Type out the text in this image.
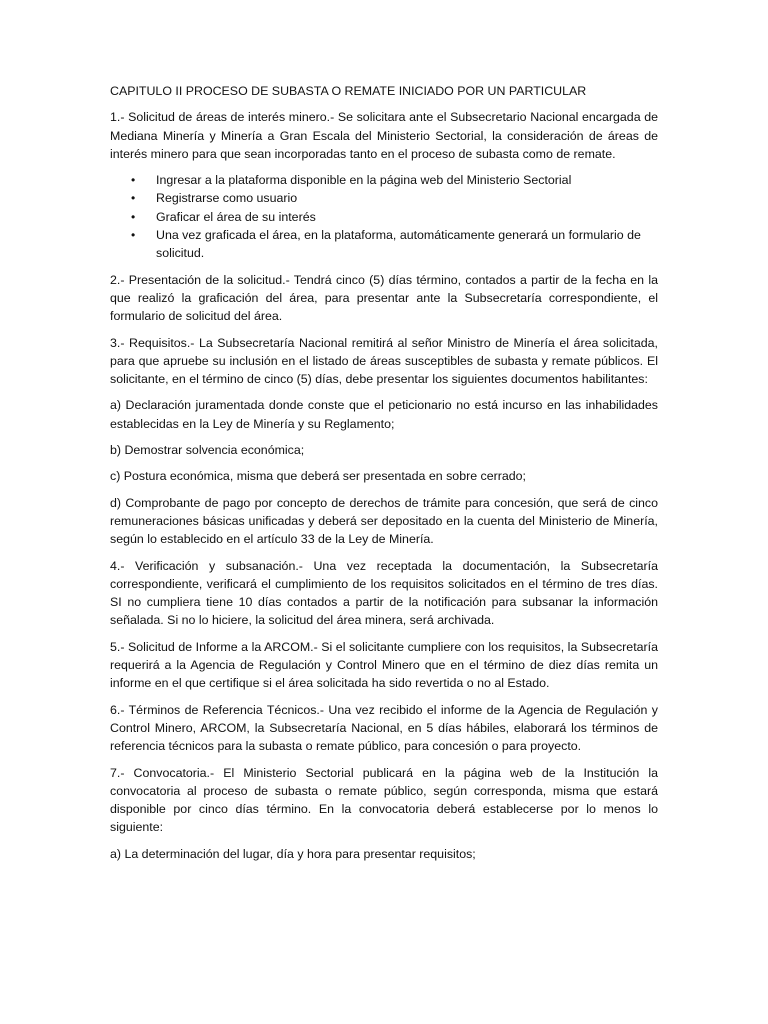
CAPITULO II PROCESO DE SUBASTA O REMATE INICIADO POR UN PARTICULAR

1.- Solicitud de áreas de interés minero.- Se solicitara ante el Subsecretario Nacional encargada de Mediana Minería y Minería a Gran Escala del Ministerio Sectorial, la consideración de áreas de interés minero para que sean incorporadas tanto en el proceso de subasta como de remate.

• Ingresar a la plataforma disponible en la página web del Ministerio Sectorial
• Registrarse como usuario
• Graficar el área de su interés
• Una vez graficada el área, en la plataforma, automáticamente generará un formulario de solicitud.

2.- Presentación de la solicitud.- Tendrá cinco (5) días término, contados a partir de la fecha en la que realizó la graficación del área, para presentar ante la Subsecretaría correspondiente, el formulario de solicitud del área.

3.- Requisitos.- La Subsecretaría Nacional remitirá al señor Ministro de Minería el área solicitada, para que apruebe su inclusión en el listado de áreas susceptibles de subasta y remate públicos. El solicitante, en el término de cinco (5) días, debe presentar los siguientes documentos habilitantes:

a) Declaración juramentada donde conste que el peticionario no está incurso en las inhabilidades establecidas en la Ley de Minería y su Reglamento;

b) Demostrar solvencia económica;

c) Postura económica, misma que deberá ser presentada en sobre cerrado;

d) Comprobante de pago por concepto de derechos de trámite para concesión, que será de cinco remuneraciones básicas unificadas y deberá ser depositado en la cuenta del Ministerio de Minería, según lo establecido en el artículo 33 de la Ley de Minería.

4.- Verificación y subsanación.- Una vez receptada la documentación, la Subsecretaría correspondiente, verificará el cumplimiento de los requisitos solicitados en el término de tres días. SI no cumpliera tiene 10 días contados a partir de la notificación para subsanar la información señalada. Si no lo hiciere, la solicitud del área minera, será archivada.

5.- Solicitud de Informe a la ARCOM.- Si el solicitante cumpliere con los requisitos, la Subsecretaría requerirá a la Agencia de Regulación y Control Minero que en el término de diez días remita un informe en el que certifique si el área solicitada ha sido revertida o no al Estado.

6.- Términos de Referencia Técnicos.- Una vez recibido el informe de la Agencia de Regulación y Control Minero, ARCOM, la Subsecretaría Nacional, en 5 días hábiles, elaborará los términos de referencia técnicos para la subasta o remate público, para concesión o para proyecto.

7.- Convocatoria.- El Ministerio Sectorial publicará en la página web de la Institución la convocatoria al proceso de subasta o remate público, según corresponda, misma que estará disponible por cinco días término. En la convocatoria deberá establecerse por lo menos lo siguiente:

a) La determinación del lugar, día y hora para presentar requisitos;
